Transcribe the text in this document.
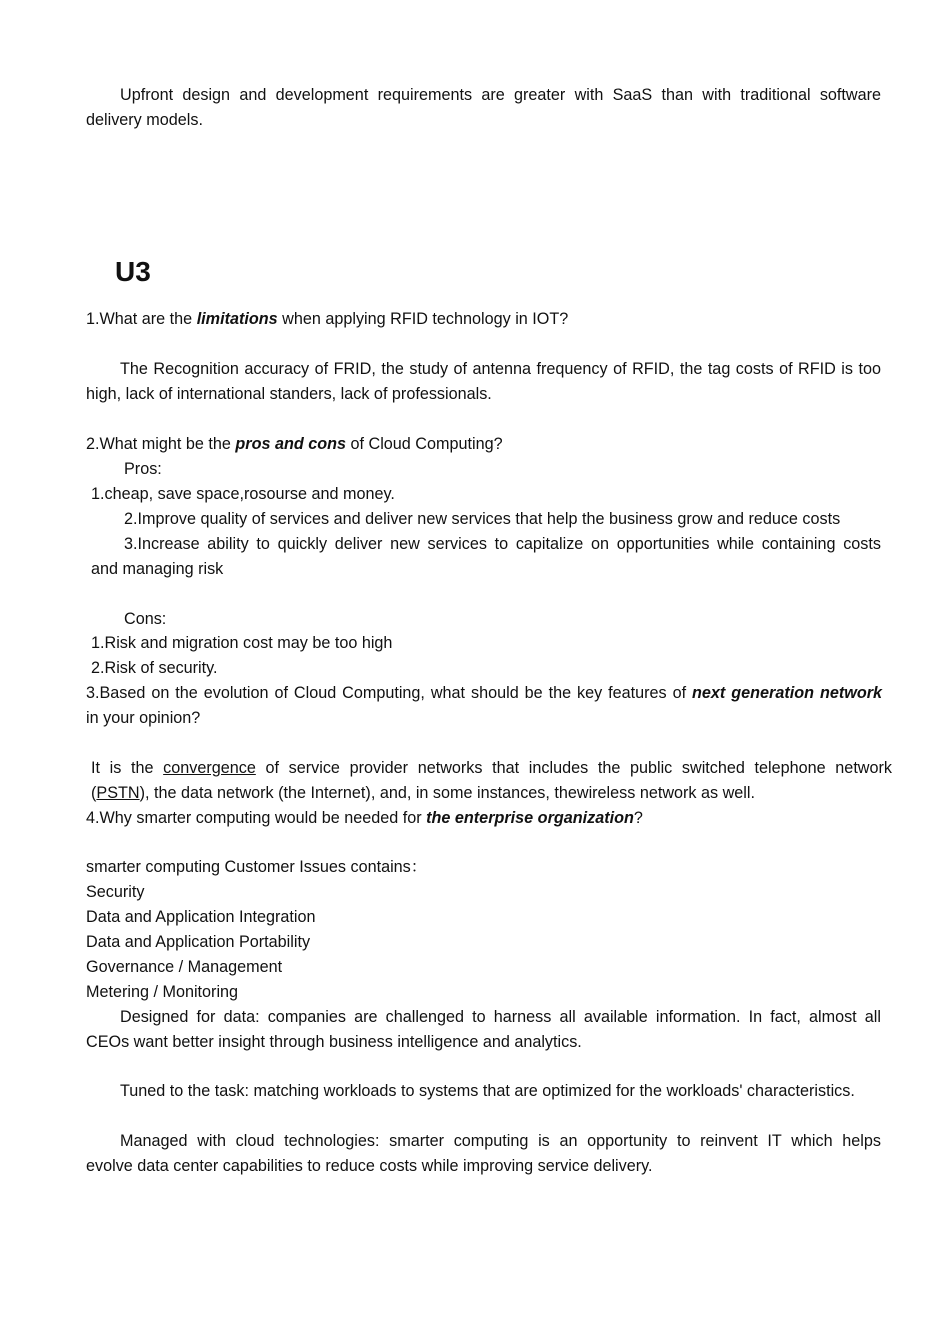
Upfront design and development requirements are greater with SaaS than with traditional software
delivery models.
U3
1.What are the limitations when applying RFID technology in IOT?
The Recognition accuracy of FRID, the study of antenna frequency of RFID, the tag costs of RFID is too
high, lack of international standers, lack of professionals.
2.What might be the pros and cons of Cloud Computing?
Pros:
1.cheap, save space,rosourse and money.
2.Improve quality of services and deliver new services that help the business grow and reduce costs
3.Increase ability to quickly deliver new services to capitalize on opportunities while containing costs
and managing risk
Cons:
1.Risk and migration cost may be too high
2.Risk of security.
3.Based on the evolution of Cloud Computing, what should be the key features of next generation network
in your opinion?
It is the convergence of service provider networks that includes the public switched telephone network
(PSTN), the data network (the Internet), and, in some instances, thewireless network as well.
4.Why smarter computing would be needed for the enterprise organization?
smarter computing Customer Issues contains：
Security
Data and Application Integration
Data and Application Portability
Governance / Management
Metering / Monitoring
Designed for data: companies are challenged to harness all available information. In fact, almost all
CEOs want better insight through business intelligence and analytics.
Tuned to the task: matching workloads to systems that are optimized for the workloads' characteristics.
Managed with cloud technologies: smarter computing is an opportunity to reinvent IT which helps
evolve data center capabilities to reduce costs while improving service delivery.
